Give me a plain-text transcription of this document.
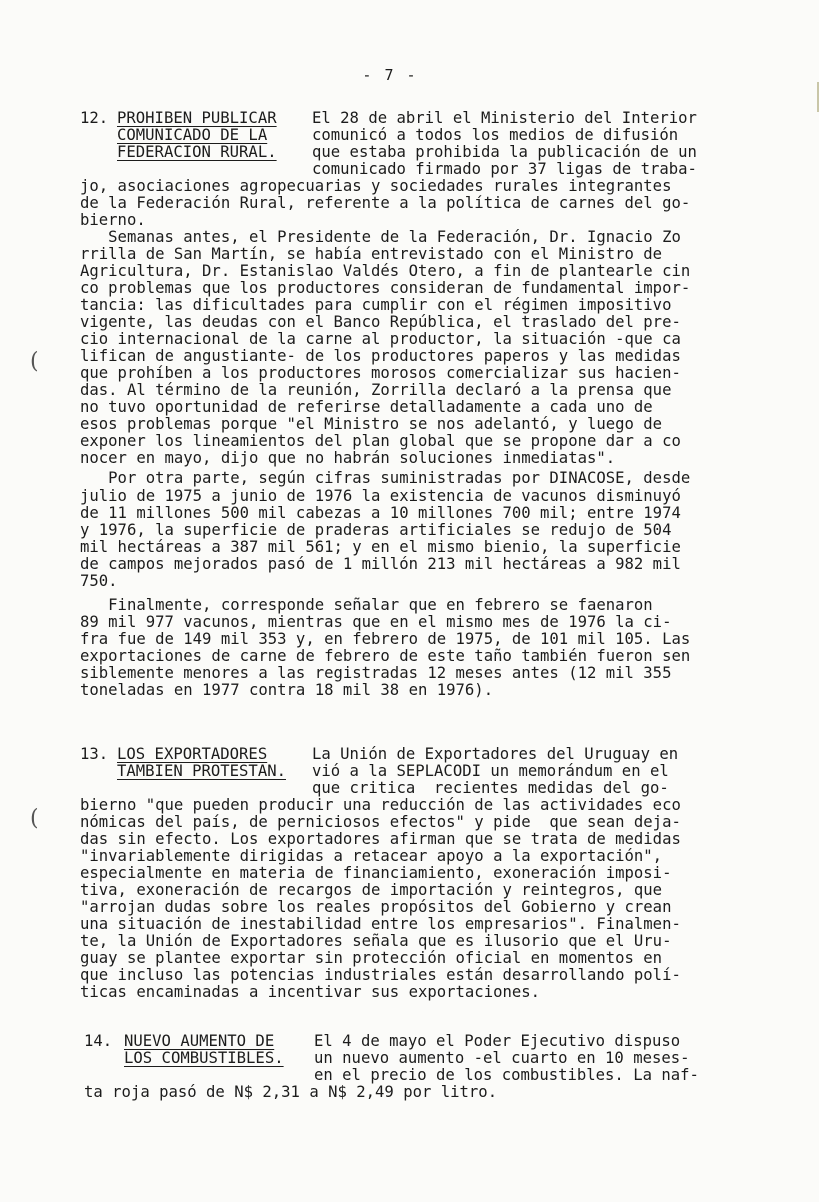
- 7 -
(
(
12. PROHIBEN PUBLICAR
COMUNICADO DE LA
FEDERACION RURAL.
El 28 de abril el Ministerio del Interior
comunicó a todos los medios de difusión
que estaba prohibida la publicación de un
comunicado firmado por 37 ligas de traba-
jo, asociaciones agropecuarias y sociedades rurales integrantes
de la Federación Rural, referente a la política de carnes del go-
bierno.
Semanas antes, el Presidente de la Federación, Dr. Ignacio Zo
rrilla de San Martín, se había entrevistado con el Ministro de
Agricultura, Dr. Estanislao Valdés Otero, a fin de plantearle cin
co problemas que los productores consideran de fundamental impor-
tancia: las dificultades para cumplir con el régimen impositivo
vigente, las deudas con el Banco República, el traslado del pre-
cio internacional de la carne al productor, la situación -que ca
lifican de angustiante- de los productores paperos y las medidas
que prohíben a los productores morosos comercializar sus hacien-
das. Al término de la reunión, Zorrilla declaró a la prensa que
no tuvo oportunidad de referirse detalladamente a cada uno de
esos problemas porque "el Ministro se nos adelantó, y luego de
exponer los lineamientos del plan global que se propone dar a co
nocer en mayo, dijo que no habrán soluciones inmediatas".
Por otra parte, según cifras suministradas por DINACOSE, desde
julio de 1975 a junio de 1976 la existencia de vacunos disminuyó
de 11 millones 500 mil cabezas a 10 millones 700 mil; entre 1974
y 1976, la superficie de praderas artificiales se redujo de 504
mil hectáreas a 387 mil 561; y en el mismo bienio, la superficie
de campos mejorados pasó de 1 millón 213 mil hectáreas a 982 mil
750.
Finalmente, corresponde señalar que en febrero se faenaron
89 mil 977 vacunos, mientras que en el mismo mes de 1976 la ci-
fra fue de 149 mil 353 y, en febrero de 1975, de 101 mil 105. Las
exportaciones de carne de febrero de este taño también fueron sen
siblemente menores a las registradas 12 meses antes (12 mil 355
toneladas en 1977 contra 18 mil 38 en 1976).
13. LOS EXPORTADORES
TAMBIEN PROTESTAN.
La Unión de Exportadores del Uruguay en
vió a la SEPLACODI un memorándum en el
que critica  recientes medidas del go-
bierno "que pueden producir una reducción de las actividades eco
nómicas del país, de perniciosos efectos" y pide  que sean deja-
das sin efecto. Los exportadores afirman que se trata de medidas
"invariablemente dirigidas a retacear apoyo a la exportación",
especialmente en materia de financiamiento, exoneración imposi-
tiva, exoneración de recargos de importación y reintegros, que
"arrojan dudas sobre los reales propósitos del Gobierno y crean
una situación de inestabilidad entre los empresarios". Finalmen-
te, la Unión de Exportadores señala que es ilusorio que el Uru-
guay se plantee exportar sin protección oficial en momentos en
que incluso las potencias industriales están desarrollando polí-
ticas encaminadas a incentivar sus exportaciones.
14. NUEVO AUMENTO DE
LOS COMBUSTIBLES.
El 4 de mayo el Poder Ejecutivo dispuso
un nuevo aumento -el cuarto en 10 meses-
en el precio de los combustibles. La naf-
ta roja pasó de N$ 2,31 a N$ 2,49 por litro.
